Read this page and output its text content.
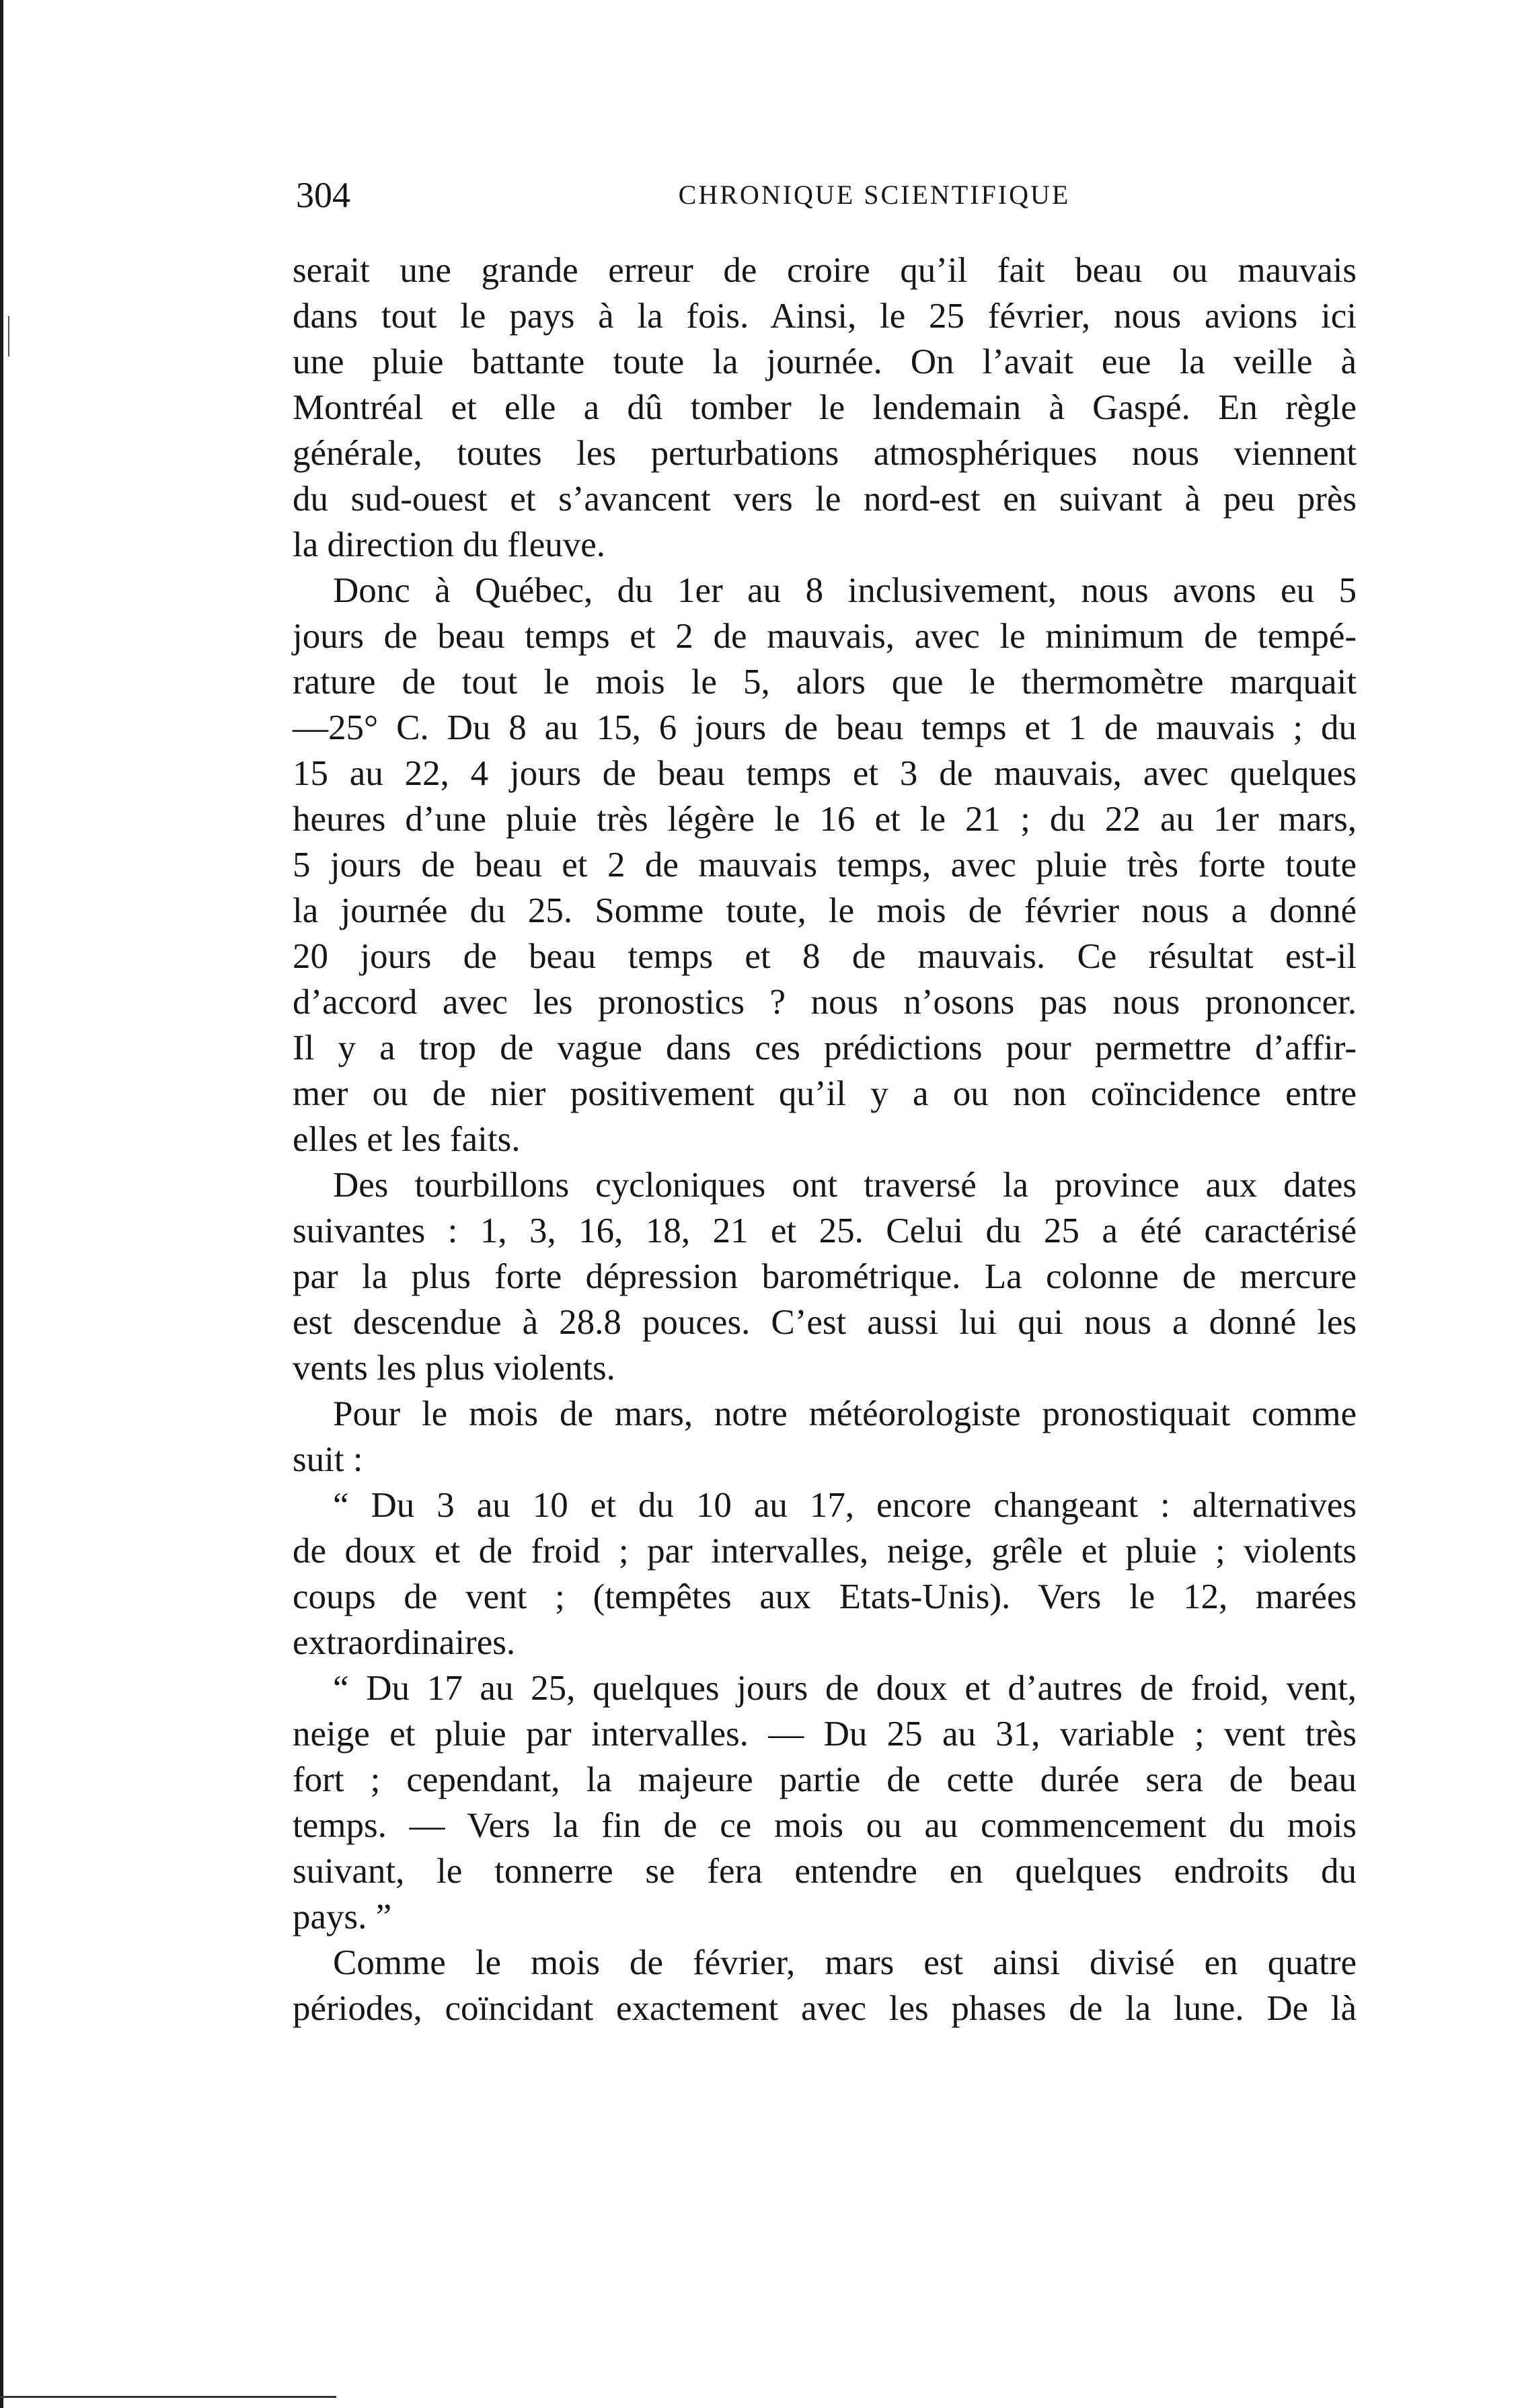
304	CHRONIQUE SCIENTIFIQUE
serait une grande erreur de croire qu’il fait beau ou mauvais
dans tout le pays à la fois. Ainsi, le 25 février, nous avions ici
une pluie battante toute la journée. On l’avait eue la veille à
Montréal et elle a dû tomber le lendemain à Gaspé. En règle
générale, toutes les perturbations atmosphériques nous viennent
du sud-ouest et s’avancent vers le nord-est en suivant à peu près
la direction du fleuve.
Donc à Québec, du 1er au 8 inclusivement, nous avons eu 5
jours de beau temps et 2 de mauvais, avec le minimum de tempé-
rature de tout le mois le 5, alors que le thermomètre marquait
—25° C. Du 8 au 15, 6 jours de beau temps et 1 de mauvais ; du
15 au 22, 4 jours de beau temps et 3 de mauvais, avec quelques
heures d’une pluie très légère le 16 et le 21 ; du 22 au 1er mars,
5 jours de beau et 2 de mauvais temps, avec pluie très forte toute
la journée du 25. Somme toute, le mois de février nous a donné
20 jours de beau temps et 8 de mauvais. Ce résultat est-il
d’accord avec les pronostics ? nous n’osons pas nous prononcer.
Il y a trop de vague dans ces prédictions pour permettre d’affir-
mer ou de nier positivement qu’il y a ou non coïncidence entre
elles et les faits.
Des tourbillons cycloniques ont traversé la province aux dates
suivantes : 1, 3, 16, 18, 21 et 25. Celui du 25 a été caractérisé
par la plus forte dépression barométrique. La colonne de mercure
est descendue à 28.8 pouces. C’est aussi lui qui nous a donné les
vents les plus violents.
Pour le mois de mars, notre météorologiste pronostiquait comme
suit :
“ Du 3 au 10 et du 10 au 17, encore changeant : alternatives
de doux et de froid ; par intervalles, neige, grêle et pluie ; violents
coups de vent ; (tempêtes aux Etats-Unis). Vers le 12, marées
extraordinaires.
“ Du 17 au 25, quelques jours de doux et d’autres de froid, vent,
neige et pluie par intervalles. — Du 25 au 31, variable ; vent très
fort ; cependant, la majeure partie de cette durée sera de beau
temps. — Vers la fin de ce mois ou au commencement du mois
suivant, le tonnerre se fera entendre en quelques endroits du
pays. ”
Comme le mois de février, mars est ainsi divisé en quatre
périodes, coïncidant exactement avec les phases de la lune. De là
